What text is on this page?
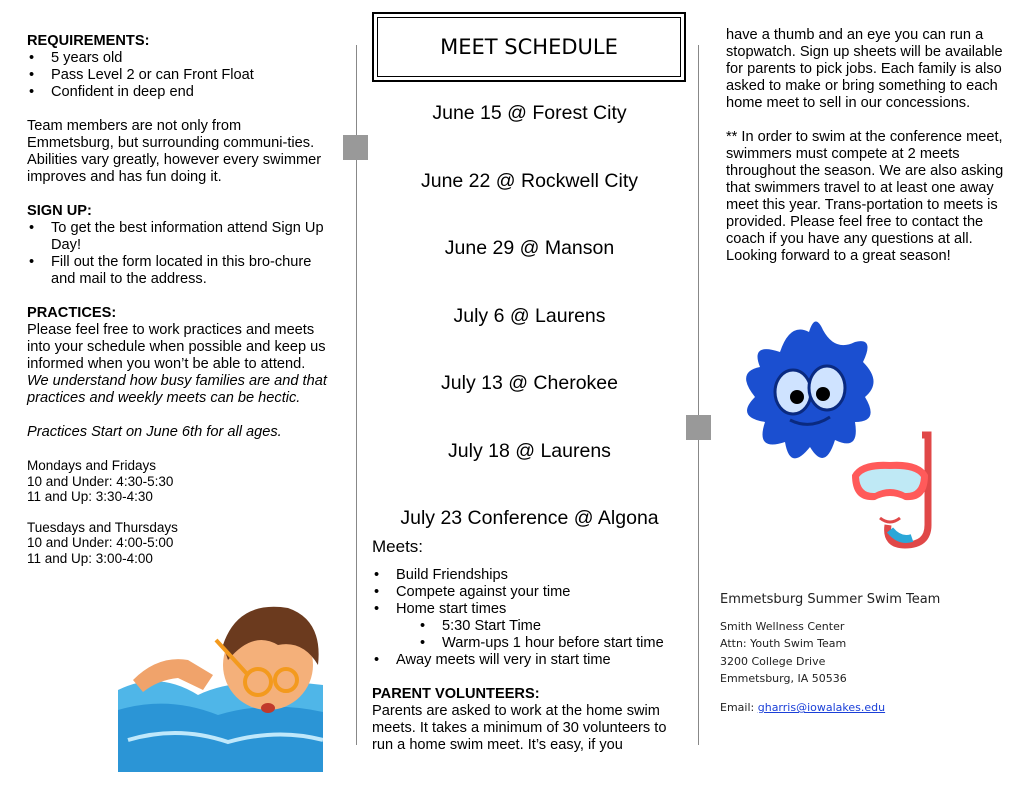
REQUIREMENTS:
• 5 years old
• Pass Level 2 or can Front Float
• Confident in deep end

Team members are not only from Emmetsburg, but surrounding communi-ties. Abilities vary greatly, however every swimmer improves and has fun doing it.

SIGN UP:
• To get the best information attend Sign Up Day!
• Fill out the form located in this bro-chure and mail to the address.
PRACTICES:

Please feel free to work practices and meets into your schedule when possible and keep us informed when you won’t be able to attend. We understand how busy families are and that practices and weekly meets can be hectic.

Practices Start on June 6th for all ages.

Mondays and Fridays
10 and Under: 4:30-5:30
11 and Up: 3:30-4:30
Tuesdays and Thursdays
10 and Under: 4:00-5:00
11 and Up: 3:00-4:00
MEET SCHEDULE
June 15 @ Forest City
June 22 @ Rockwell City
June 29 @ Manson
July 6 @ Laurens
July 13 @ Cherokee
July 18 @ Laurens
July 23 Conference @ Algona
Meets:
• Build Friendships
• Compete against your time
• Home start times
• 5:30 Start Time
• Warm-ups 1 hour before start time
• Away meets will very in start time
PARENT VOLUNTEERS:

Parents are asked to work at the home swim meets. It takes a minimum of 30 volunteers to run a home swim meet. It’s easy, if you

have a thumb and an eye you can run a stopwatch. Sign up sheets will be available for parents to pick jobs. Each family is also asked to make or bring something to each home meet to sell in our concessions.

** In order to swim at the conference meet, swimmers must compete at 2 meets throughout the season. We are also asking that swimmers travel to at least one away meet this year. Trans-portation to meets is provided. Please feel free to contact the coach if you have any questions at all.

Looking forward to a great season!

Emmetsburg Summer Swim Team
Smith Wellness Center
Attn: Youth Swim Team
3200 College Drive
Emmetsburg, IA 50536
Email: gharris@iowalakes.edu
